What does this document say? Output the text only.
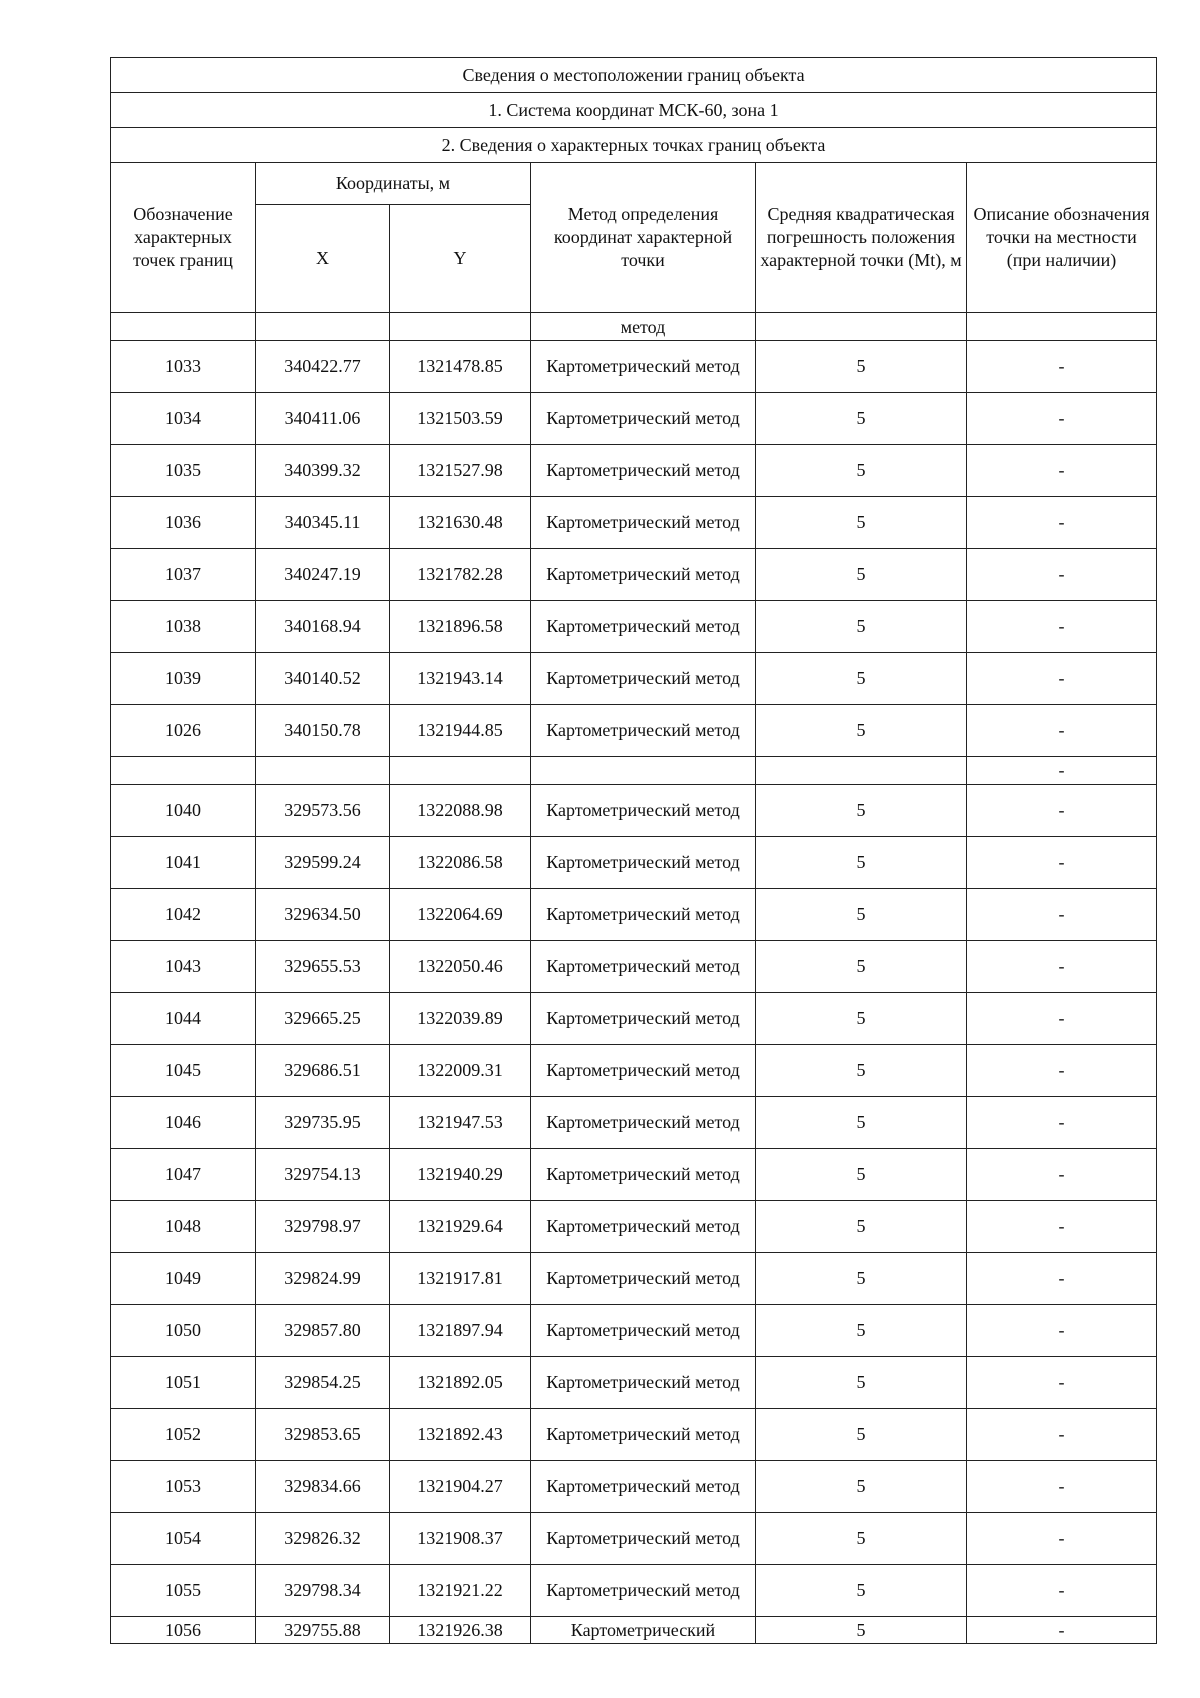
Сведения о местоположении границ объекта					
1. Система координат МСК-60, зона 1					
2. Сведения о характерных точках границ объекта					
Обозначение характерных точек границ	Координаты, м		Метод определения координат характерной точки	Средняя квадратическая погрешность положения характерной точки (Mt), м	Описание обозначения точки на местности (при наличии)
	X	Y			
			метод		
1033	340422.77	1321478.85	Картометрический метод	5	-
1034	340411.06	1321503.59	Картометрический метод	5	-
1035	340399.32	1321527.98	Картометрический метод	5	-
1036	340345.11	1321630.48	Картометрический метод	5	-
1037	340247.19	1321782.28	Картометрический метод	5	-
1038	340168.94	1321896.58	Картометрический метод	5	-
1039	340140.52	1321943.14	Картометрический метод	5	-
1026	340150.78	1321944.85	Картометрический метод	5	-
					-
1040	329573.56	1322088.98	Картометрический метод	5	-
1041	329599.24	1322086.58	Картометрический метод	5	-
1042	329634.50	1322064.69	Картометрический метод	5	-
1043	329655.53	1322050.46	Картометрический метод	5	-
1044	329665.25	1322039.89	Картометрический метод	5	-
1045	329686.51	1322009.31	Картометрический метод	5	-
1046	329735.95	1321947.53	Картометрический метод	5	-
1047	329754.13	1321940.29	Картометрический метод	5	-
1048	329798.97	1321929.64	Картометрический метод	5	-
1049	329824.99	1321917.81	Картометрический метод	5	-
1050	329857.80	1321897.94	Картометрический метод	5	-
1051	329854.25	1321892.05	Картометрический метод	5	-
1052	329853.65	1321892.43	Картометрический метод	5	-
1053	329834.66	1321904.27	Картометрический метод	5	-
1054	329826.32	1321908.37	Картометрический метод	5	-
1055	329798.34	1321921.22	Картометрический метод	5	-
1056	329755.88	1321926.38	Картометрический	5	-
